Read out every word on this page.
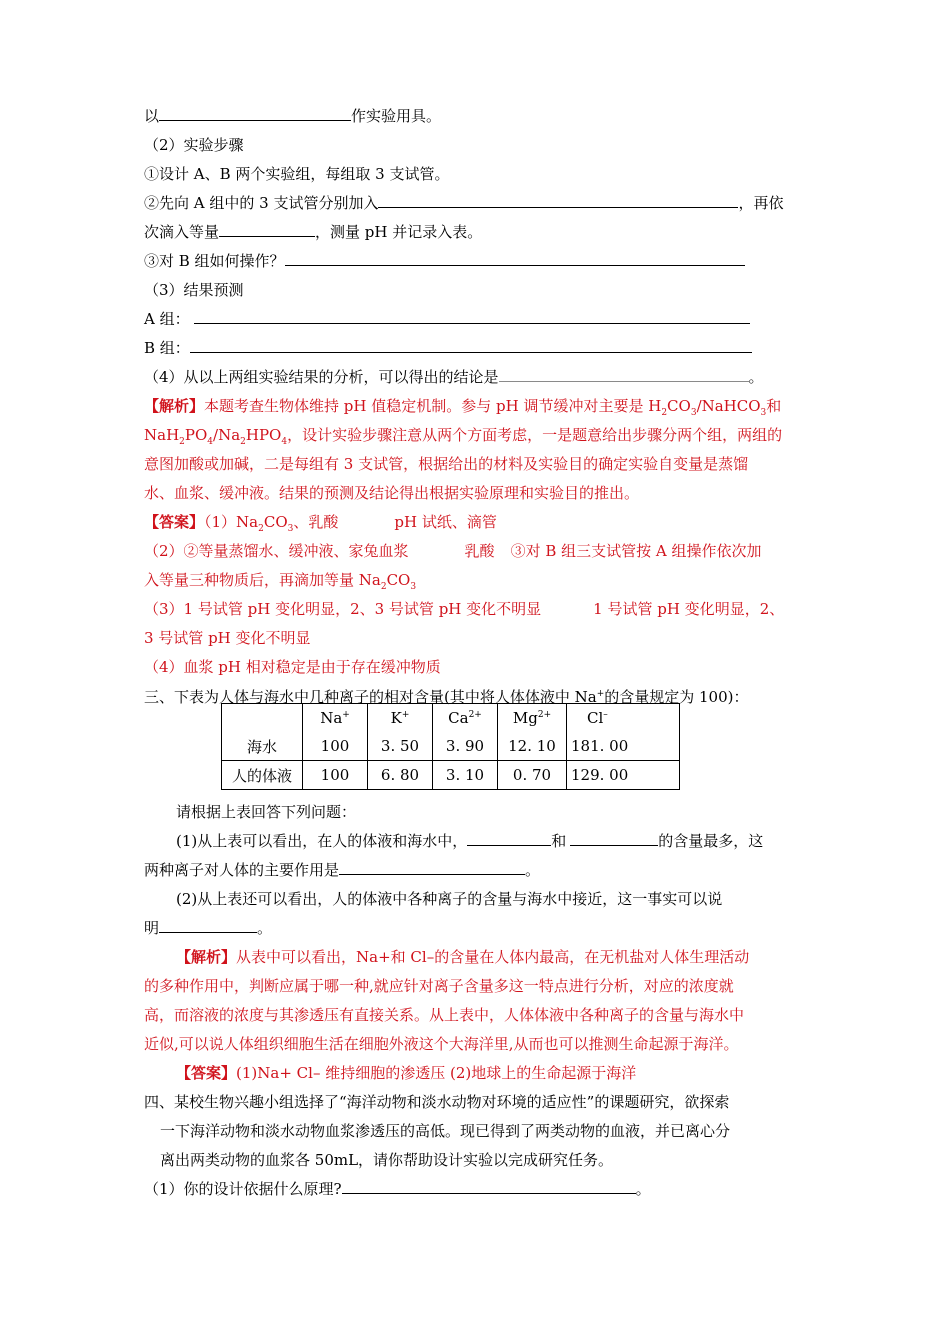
以	作实验用具。
（2）实验步骤
①设计 A、B 两个实验组，每组取 3 支试管。
②先向 A 组中的 3 支试管分别加入	，再依
次滴入等量	，测量 pH 并记录入表。
③对 B 组如何操作？
（3）结果预测
A 组：
B 组：
（4）从以上两组实验结果的分析，可以得出的结论是	。
【解析】本题考查生物体维持 pH 值稳定机制。参与 pH 调节缓冲对主要是 $H_2CO_3/NaHCO_3$和
$NaH_2PO_4/Na_2HPO_4$，设计实验步骤注意从两个方面考虑，一是题意给出步骤分两个组，两组的
意图加酸或加碱，二是每组有 3 支试管，根据给出的材料及实验目的确定实验自变量是蒸馏
水、血浆、缓冲液。结果的预测及结论得出根据实验原理和实验目的推出。
【答案】$(1)Na_2CO_3$、乳酸	pH 试纸、滴管
（2）②等量蒸馏水、缓冲液、家兔血浆	乳酸 ③对 B 组三支试管按 A 组操作依次加
入等量三种物质后，再滴加等量 $Na_2CO_3$
（3）1 号试管 pH 变化明显，2、3 号试管 pH 变化不明显	1 号试管 pH 变化明显，2、
3 号试管 pH 变化不明显
（4）血浆 pH 相对稳定是由于存在缓冲物质
三、下表为人体与海水中几种离子的相对含量(其中将人体体液中 Na+的含量规定为 100)：
	Na+	K+	$Ca^{2+}$	$Mg^{2+}$	Cl–
海水	100	3. 50	3. 90	12. 10	181. 00
人的体液	100	6. 80	3. 10	0. 70	129. 00
请根据上表回答下列问题：
(1)从上表可以看出，在人的体液和海水中，	和	的含量最多，这
两种离子对人体的主要作用是	。
(2)从上表还可以看出，人的体液中各种离子的含量与海水中接近，这一事实可以说
明	。
【解析】从表中可以看出，Na+和 Cl–的含量在人体内最高，在无机盐对人体生理活动
的多种作用中，判断应属于哪一种,就应针对离子含量多这一特点进行分析，对应的浓度就
高，而溶液的浓度与其渗透压有直接关系。从上表中，人体体液中各种离子的含量与海水中
近似,可以说人体组织细胞生活在细胞外液这个大海洋里,从而也可以推测生命起源于海洋。
【答案】(1)Na+ Cl– 维持细胞的渗透压 (2)地球上的生命起源于海洋
四、某校生物兴趣小组选择了“海洋动物和淡水动物对环境的适应性”的课题研究，欲探索
一下海洋动物和淡水动物血浆渗透压的高低。现已得到了两类动物的血液，并已离心分
离出两类动物的血浆各 50mL，请你帮助设计实验以完成研究任务。
（1）你的设计依据什么原理?	。
